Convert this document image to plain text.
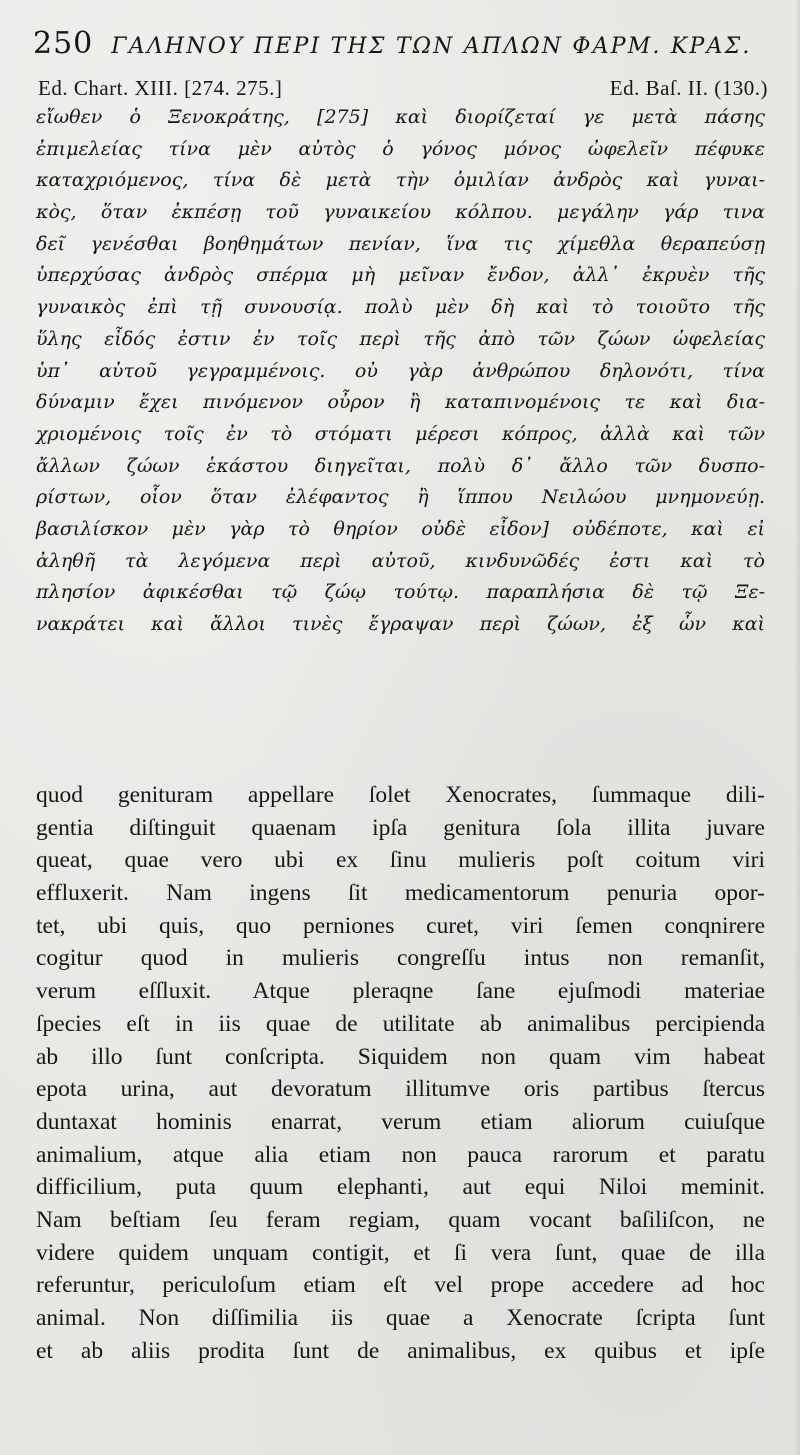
250 ΓΑΛΗΝΟΥ ΠΕΡΙ ΤΗΣ ΤΩΝ ΑΠΛΩΝ ΦΑΡΜ. ΚΡΑΣ.
Ed. Chart. XIII. [274. 275.]	Ed. Baſ. II. (130.)
εἴωθεν ὁ Ξενοκράτης, [275] καὶ διορίζεταί γε μετὰ πάσης
ἐπιμελείας τίνα μὲν αὐτὸς ὁ γόνος μόνος ὠφελεῖν πέφυκε
καταχριόμενος, τίνα δὲ μετὰ τὴν ὁμιλίαν ἀνδρὸς καὶ γυναι-
κὸς, ὅταν ἐκπέσῃ τοῦ γυναικείου κόλπου. μεγάλην γάρ τινα
δεῖ γενέσθαι βοηθημάτων πενίαν, ἵνα τις χίμεθλα θεραπεύσῃ
ὑπερχύσας ἀνδρὸς σπέρμα μὴ μεῖναν ἔνδον, ἀλλ᾽ ἐκρυὲν τῆς
γυναικὸς ἐπὶ τῇ συνουσίᾳ. πολὺ μὲν δὴ καὶ τὸ τοιοῦτο τῆς
ὕλης εἶδός ἐστιν ἐν τοῖς περὶ τῆς ἀπὸ τῶν ζώων ὠφελείας
ὑπ᾽ αὐτοῦ γεγραμμένοις. οὐ γὰρ ἀνθρώπου δηλονότι, τίνα
δύναμιν ἔχει πινόμενον οὖρον ἢ καταπινομένοις τε καὶ δια-
χριομένοις τοῖς ἐν τὸ στόματι μέρεσι κόπρος, ἀλλὰ καὶ τῶν
ἄλλων ζώων ἑκάστου διηγεῖται, πολὺ δ᾽ ἄλλο τῶν δυσπο-
ρίστων, οἷον ὅταν ἐλέφαντος ἢ ἵππου Νειλώου μνημονεύῃ.
βασιλίσκον μὲν γὰρ τὸ θηρίον οὐδὲ εἶδον] οὐδέποτε, καὶ εἰ
ἀληθῆ τὰ λεγόμενα περὶ αὐτοῦ, κινδυνῶδές ἐστι καὶ τὸ
πλησίον ἀφικέσθαι τῷ ζώῳ τούτῳ. παραπλήσια δὲ τῷ Ξε-
νακράτει καὶ ἄλλοι τινὲς ἔγραψαν περὶ ζώων, ἐξ ὧν καὶ
quod genituram appellare ſolet Xenocrates, ſummaque dili-
gentia diſtinguit quaenam ipſa genitura ſola illita juvare
queat, quae vero ubi ex ſinu mulieris poſt coitum viri
effluxerit. Nam ingens ſit medicamentorum penuria opor-
tet, ubi quis, quo perniones curet, viri ſemen conqnirere
cogitur quod in mulieris congreſſu intus non remanſit,
verum eſſluxit. Atque pleraqne ſane ejuſmodi materiae
ſpecies eſt in iis quae de utilitate ab animalibus percipienda
ab illo ſunt conſcripta. Siquidem non quam vim habeat
epota urina, aut devoratum illitumve oris partibus ſtercus
duntaxat hominis enarrat, verum etiam aliorum cuiuſque
animalium, atque alia etiam non pauca rarorum et paratu
difficilium, puta quum elephanti, aut equi Niloi meminit.
Nam beſtiam ſeu feram regiam, quam vocant baſiliſcon, ne
videre quidem unquam contigit, et ſi vera ſunt, quae de illa
referuntur, periculoſum etiam eſt vel prope accedere ad hoc
animal. Non diſſimilia iis quae a Xenocrate ſcripta ſunt
et ab aliis prodita ſunt de animalibus, ex quibus et ipſe
